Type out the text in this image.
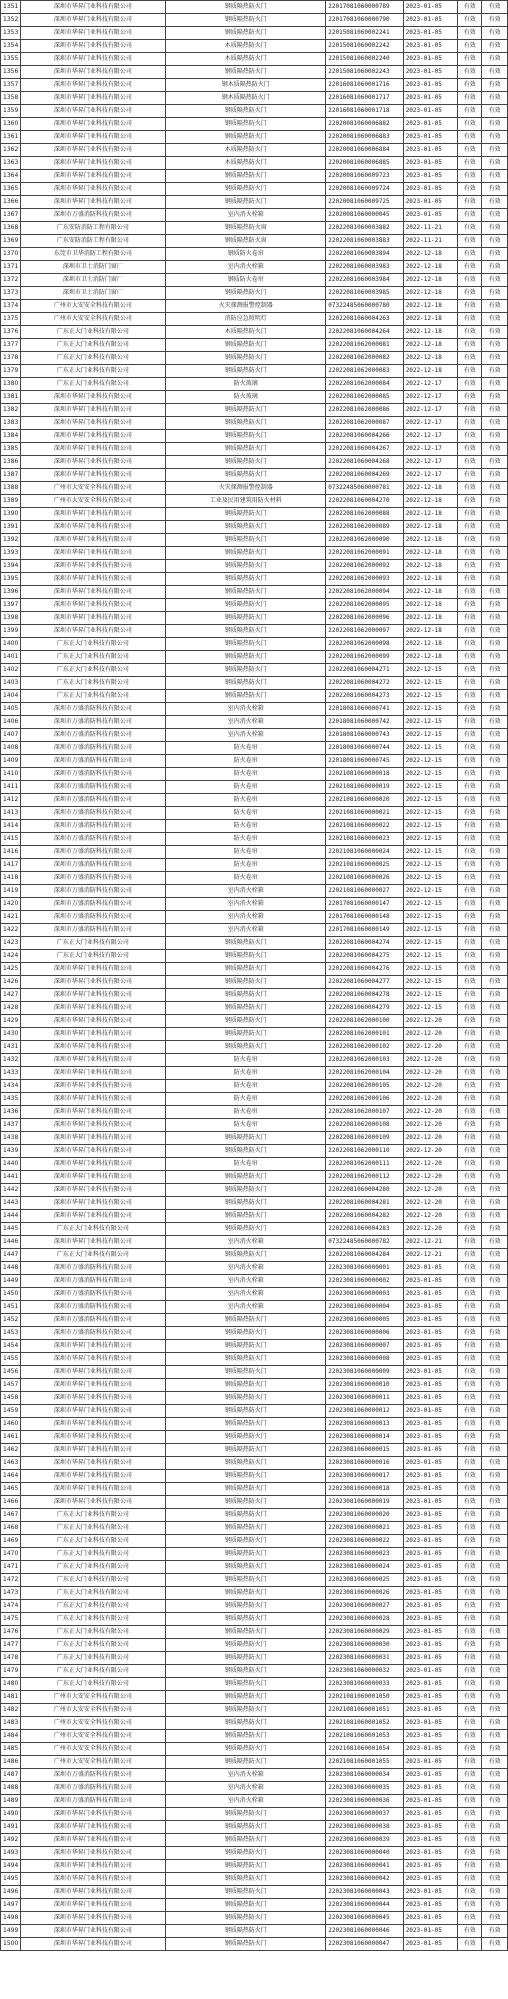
1351	深圳市华昇门业科技有限公司	钢质隔热防火门	22017081060000789	2023-01-05	有效	有效
1352	深圳市华昇门业科技有限公司	钢质隔热防火门	22017081060000790	2023-01-05	有效	有效
1353	深圳市华昇门业科技有限公司	钢质隔热防火门	22015081060002241	2023-01-05	有效	有效
1354	深圳市华昇门业科技有限公司	木质隔热防火门	22015081060002242	2023-01-05	有效	有效
1355	深圳市华昇门业科技有限公司	木质隔热防火门	22015081060002240	2023-01-05	有效	有效
1356	深圳市华昇门业科技有限公司	钢质隔热防火门	22015081060002243	2023-01-05	有效	有效
1357	深圳市华昇门业科技有限公司	钢木质隔热防火门	22016081060001716	2023-01-05	有效	有效
1358	深圳市华昇门业科技有限公司	钢木质隔热防火门	22016081060001717	2023-01-05	有效	有效
1359	深圳市华昇门业科技有限公司	钢质隔热防火门	22016081060001718	2023-01-05	有效	有效
1360	深圳市华昇门业科技有限公司	钢质隔热防火门	22020081060006882	2023-01-05	有效	有效
1361	深圳市华昇门业科技有限公司	钢质隔热防火门	22020081060006883	2023-01-05	有效	有效
1362	深圳市华昇门业科技有限公司	木质隔热防火门	22020081060006884	2023-01-05	有效	有效
1363	深圳市华昇门业科技有限公司	木质隔热防火门	22020081060006885	2023-01-05	有效	有效
1364	深圳市华昇门业科技有限公司	钢质隔热防火门	22020081060009723	2023-01-05	有效	有效
1365	深圳市华昇门业科技有限公司	钢质隔热防火门	22020081060009724	2023-01-05	有效	有效
1366	深圳市华昇门业科技有限公司	钢质隔热防火门	22020081060009725	2023-01-05	有效	有效
1367	深圳市万盛消防科技有限公司	室内消火栓箱	22020081060000045	2023-01-05	有效	有效
1368	广东安防消防工程有限公司	钢质隔热防火窗	22022081060003882	2022-11-21	有效	有效
1369	广东安防消防工程有限公司	钢质隔热防火窗	22022081060003883	2022-11-21	有效	有效
1370	东莞市卫华消防工程有限公司	钢质防火卷帘	22022081060003894	2022-12-18	有效	有效
1371	深圳市卫士消防门窗厂	室内消火栓箱	22022081060003983	2022-12-18	有效	有效
1372	深圳市卫士消防门窗厂	钢质防火卷帘	22022081060003984	2022-12-18	有效	有效
1373	深圳市卫士消防门窗厂	钢质隔热防火门	22022081060003985	2022-12-18	有效	有效
1374	广州市大安安全科技有限公司	火灾探测报警控制器	07322485060000780	2022-12-18	有效	有效
1375	广州市大安安全科技有限公司	消防应急照明灯	22022081060004263	2022-12-18	有效	有效
1376	广东正大门业科技有限公司	木质隔热防火门	22022081060004264	2022-12-18	有效	有效
1377	广东正大门业科技有限公司	钢质隔热防火门	22022081062000081	2022-12-18	有效	有效
1378	广东正大门业科技有限公司	钢质隔热防火门	22022081062000082	2022-12-18	有效	有效
1379	广东正大门业科技有限公司	钢质隔热防火门	22022081062000083	2022-12-18	有效	有效
1380	广东正大门业科技有限公司	防火玻璃	22022081062000084	2022-12-17	有效	有效
1381	深圳市华昇门业科技有限公司	防火玻璃	22022081062000085	2022-12-17	有效	有效
1382	深圳市华昇门业科技有限公司	钢质隔热防火门	22022081062000086	2022-12-17	有效	有效
1383	深圳市华昇门业科技有限公司	钢质隔热防火门	22022081062000087	2022-12-17	有效	有效
1384	深圳市华昇门业科技有限公司	钢质隔热防火门	22022081060004266	2022-12-17	有效	有效
1385	深圳市华昇门业科技有限公司	钢质隔热防火门	22022081060004267	2022-12-17	有效	有效
1386	深圳市华昇门业科技有限公司	钢质隔热防火门	22022081060004268	2022-12-17	有效	有效
1387	深圳市华昇门业科技有限公司	钢质隔热防火门	22022081060004269	2022-12-17	有效	有效
1388	广州市大安安全科技有限公司	火灾探测报警控制器	07322485060000781	2022-12-18	有效	有效
1389	广州市大安安全科技有限公司	工业及民用建筑用防火材料	22022081060004270	2022-12-18	有效	有效
1390	深圳市华昇门业科技有限公司	钢质隔热防火门	22022081062000088	2022-12-18	有效	有效
1391	深圳市华昇门业科技有限公司	钢质隔热防火门	22022081062000089	2022-12-18	有效	有效
1392	深圳市华昇门业科技有限公司	钢质隔热防火门	22022081062000090	2022-12-18	有效	有效
1393	深圳市华昇门业科技有限公司	钢质隔热防火门	22022081062000091	2022-12-18	有效	有效
1394	深圳市华昇门业科技有限公司	钢质隔热防火门	22022081062000092	2022-12-18	有效	有效
1395	深圳市华昇门业科技有限公司	钢质隔热防火门	22022081062000093	2022-12-18	有效	有效
1396	深圳市华昇门业科技有限公司	钢质隔热防火门	22022081062000094	2022-12-18	有效	有效
1397	深圳市华昇门业科技有限公司	钢质隔热防火门	22022081062000095	2022-12-18	有效	有效
1398	深圳市华昇门业科技有限公司	钢质隔热防火门	22022081062000096	2022-12-18	有效	有效
1399	深圳市华昇门业科技有限公司	钢质隔热防火门	22022081062000097	2022-12-18	有效	有效
1400	广东正大门业科技有限公司	钢质隔热防火门	22022081062000098	2022-12-18	有效	有效
1401	广东正大门业科技有限公司	钢质隔热防火门	22022081062000099	2022-12-18	有效	有效
1402	广东正大门业科技有限公司	钢质隔热防火门	22022081060004271	2022-12-15	有效	有效
1403	广东正大门业科技有限公司	钢质隔热防火门	22022081060004272	2022-12-15	有效	有效
1404	广东正大门业科技有限公司	钢质隔热防火门	22022081060004273	2022-12-15	有效	有效
1405	深圳市万盛消防科技有限公司	室内消火栓箱	22018081060000741	2022-12-15	有效	有效
1406	深圳市万盛消防科技有限公司	室内消火栓箱	22018081060000742	2022-12-15	有效	有效
1407	深圳市万盛消防科技有限公司	室内消火栓箱	22018081060000743	2022-12-15	有效	有效
1408	深圳市万盛消防科技有限公司	防火卷帘	22018081060000744	2022-12-15	有效	有效
1409	深圳市万盛消防科技有限公司	防火卷帘	22018081060000745	2022-12-15	有效	有效
1410	深圳市万盛消防科技有限公司	防火卷帘	22021081060000018	2022-12-15	有效	有效
1411	深圳市万盛消防科技有限公司	防火卷帘	22021081060000019	2022-12-15	有效	有效
1412	深圳市万盛消防科技有限公司	防火卷帘	22021081060000020	2022-12-15	有效	有效
1413	深圳市万盛消防科技有限公司	防火卷帘	22021081060000021	2022-12-15	有效	有效
1414	深圳市万盛消防科技有限公司	防火卷帘	22021081060000022	2022-12-15	有效	有效
1415	深圳市万盛消防科技有限公司	防火卷帘	22021081060000023	2022-12-15	有效	有效
1416	深圳市万盛消防科技有限公司	防火卷帘	22021081060000024	2022-12-15	有效	有效
1417	深圳市万盛消防科技有限公司	防火卷帘	22021081060000025	2022-12-15	有效	有效
1418	深圳市万盛消防科技有限公司	防火卷帘	22021081060000026	2022-12-15	有效	有效
1419	深圳市万盛消防科技有限公司	室内消火栓箱	22021081060000027	2022-12-15	有效	有效
1420	深圳市万盛消防科技有限公司	室内消火栓箱	22017081060000147	2022-12-15	有效	有效
1421	深圳市万盛消防科技有限公司	室内消火栓箱	22017081060000148	2022-12-15	有效	有效
1422	深圳市万盛消防科技有限公司	室内消火栓箱	22017081060000149	2022-12-15	有效	有效
1423	广东正大门业科技有限公司	钢质隔热防火门	22022081060004274	2022-12-15	有效	有效
1424	广东正大门业科技有限公司	钢质隔热防火门	22022081060004275	2022-12-15	有效	有效
1425	深圳市华昇门业科技有限公司	钢质隔热防火门	22022081060004276	2022-12-15	有效	有效
1426	深圳市华昇门业科技有限公司	钢质隔热防火门	22022081060004277	2022-12-15	有效	有效
1427	深圳市华昇门业科技有限公司	钢质隔热防火门	22022081060004278	2022-12-15	有效	有效
1428	深圳市华昇门业科技有限公司	钢质隔热防火门	22022081060004279	2022-12-15	有效	有效
1429	深圳市华昇门业科技有限公司	钢质隔热防火门	22022081062000100	2022-12-20	有效	有效
1430	深圳市华昇门业科技有限公司	钢质隔热防火门	22022081062000101	2022-12-20	有效	有效
1431	深圳市华昇门业科技有限公司	钢质隔热防火门	22022081062000102	2022-12-20	有效	有效
1432	深圳市华昇门业科技有限公司	防火卷帘	22022081062000103	2022-12-20	有效	有效
1433	深圳市华昇门业科技有限公司	防火卷帘	22022081062000104	2022-12-20	有效	有效
1434	深圳市华昇门业科技有限公司	防火卷帘	22022081062000105	2022-12-20	有效	有效
1435	深圳市华昇门业科技有限公司	防火卷帘	22022081062000106	2022-12-20	有效	有效
1436	深圳市华昇门业科技有限公司	防火卷帘	22022081062000107	2022-12-20	有效	有效
1437	深圳市华昇门业科技有限公司	防火卷帘	22022081062000108	2022-12-20	有效	有效
1438	深圳市华昇门业科技有限公司	钢质隔热防火门	22022081062000109	2022-12-20	有效	有效
1439	深圳市华昇门业科技有限公司	钢质隔热防火门	22022081062000110	2022-12-20	有效	有效
1440	深圳市华昇门业科技有限公司	防火卷帘	22022081062000111	2022-12-20	有效	有效
1441	深圳市华昇门业科技有限公司	钢质隔热防火门	22022081062000112	2022-12-20	有效	有效
1442	深圳市华昇门业科技有限公司	钢质隔热防火门	22022081060004280	2022-12-20	有效	有效
1443	深圳市华昇门业科技有限公司	钢质隔热防火门	22022081060004281	2022-12-20	有效	有效
1444	深圳市华昇门业科技有限公司	钢质隔热防火门	22022081060004282	2022-12-20	有效	有效
1445	广东正大门业科技有限公司	钢质隔热防火门	22022081060004283	2022-12-20	有效	有效
1446	深圳市华昇门业科技有限公司	室内消火栓箱	07322485060000782	2022-12-21	有效	有效
1447	广东正大门业科技有限公司	钢质隔热防火门	22022081060004284	2022-12-21	有效	有效
1448	深圳市万盛消防科技有限公司	室内消火栓箱	22023081060000001	2023-01-05	有效	有效
1449	深圳市万盛消防科技有限公司	室内消火栓箱	22023081060000002	2023-01-05	有效	有效
1450	深圳市万盛消防科技有限公司	室内消火栓箱	22023081060000003	2023-01-05	有效	有效
1451	深圳市万盛消防科技有限公司	室内消火栓箱	22023081060000004	2023-01-05	有效	有效
1452	深圳市万盛消防科技有限公司	钢质隔热防火门	22023081060000005	2023-01-05	有效	有效
1453	深圳市万盛消防科技有限公司	钢质隔热防火门	22023081060000006	2023-01-05	有效	有效
1454	深圳市华昇门业科技有限公司	钢质隔热防火门	22023081060000007	2023-01-05	有效	有效
1455	深圳市华昇门业科技有限公司	钢质隔热防火门	22023081060000008	2023-01-05	有效	有效
1456	深圳市华昇门业科技有限公司	钢质隔热防火门	22023081060000009	2023-01-05	有效	有效
1457	深圳市华昇门业科技有限公司	钢质隔热防火门	22023081060000010	2023-01-05	有效	有效
1458	深圳市华昇门业科技有限公司	钢质隔热防火门	22023081060000011	2023-01-05	有效	有效
1459	深圳市华昇门业科技有限公司	钢质隔热防火门	22023081060000012	2023-01-05	有效	有效
1460	深圳市华昇门业科技有限公司	钢质隔热防火门	22023081060000013	2023-01-05	有效	有效
1461	深圳市华昇门业科技有限公司	钢质隔热防火门	22023081060000014	2023-01-05	有效	有效
1462	深圳市华昇门业科技有限公司	钢质隔热防火门	22023081060000015	2023-01-05	有效	有效
1463	深圳市华昇门业科技有限公司	钢质隔热防火门	22023081060000016	2023-01-05	有效	有效
1464	深圳市华昇门业科技有限公司	钢质隔热防火门	22023081060000017	2023-01-05	有效	有效
1465	深圳市华昇门业科技有限公司	钢质隔热防火门	22023081060000018	2023-01-05	有效	有效
1466	深圳市华昇门业科技有限公司	钢质隔热防火门	22023081060000019	2023-01-05	有效	有效
1467	广东正大门业科技有限公司	钢质隔热防火门	22023081060000020	2023-01-05	有效	有效
1468	广东正大门业科技有限公司	钢质隔热防火门	22023081060000021	2023-01-05	有效	有效
1469	广东正大门业科技有限公司	钢质隔热防火门	22023081060000022	2023-01-05	有效	有效
1470	广东正大门业科技有限公司	钢质隔热防火门	22023081060000023	2023-01-05	有效	有效
1471	广东正大门业科技有限公司	钢质隔热防火门	22023081060000024	2023-01-05	有效	有效
1472	广东正大门业科技有限公司	钢质隔热防火门	22023081060000025	2023-01-05	有效	有效
1473	广东正大门业科技有限公司	钢质隔热防火门	22023081060000026	2023-01-05	有效	有效
1474	广东正大门业科技有限公司	钢质隔热防火门	22023081060000027	2023-01-05	有效	有效
1475	广东正大门业科技有限公司	钢质隔热防火门	22023081060000028	2023-01-05	有效	有效
1476	广东正大门业科技有限公司	钢质隔热防火门	22023081060000029	2023-01-05	有效	有效
1477	广东正大门业科技有限公司	钢质隔热防火门	22023081060000030	2023-01-05	有效	有效
1478	广东正大门业科技有限公司	钢质隔热防火门	22023081060000031	2023-01-05	有效	有效
1479	广东正大门业科技有限公司	钢质隔热防火门	22023081060000032	2023-01-05	有效	有效
1480	广东正大门业科技有限公司	钢质隔热防火门	22023081060000033	2023-01-05	有效	有效
1481	广州市大安安全科技有限公司	钢质隔热防火门	22021081060001050	2023-01-05	有效	有效
1482	广州市大安安全科技有限公司	钢质隔热防火门	22021081060001051	2023-01-05	有效	有效
1483	广州市大安安全科技有限公司	钢质隔热防火门	22021081060001052	2023-01-05	有效	有效
1484	广州市大安安全科技有限公司	钢质隔热防火门	22021081060001053	2023-01-05	有效	有效
1485	广州市大安安全科技有限公司	钢质隔热防火门	22021081060001054	2023-01-05	有效	有效
1486	广州市大安安全科技有限公司	钢质隔热防火门	22021081060001055	2023-01-05	有效	有效
1487	深圳市万盛消防科技有限公司	室内消火栓箱	22023081060000034	2023-01-05	有效	有效
1488	深圳市万盛消防科技有限公司	室内消火栓箱	22023081060000035	2023-01-05	有效	有效
1489	深圳市万盛消防科技有限公司	室内消火栓箱	22023081060000036	2023-01-05	有效	有效
1490	深圳市华昇门业科技有限公司	钢质隔热防火门	22023081060000037	2023-01-05	有效	有效
1491	深圳市华昇门业科技有限公司	钢质隔热防火门	22023081060000038	2023-01-05	有效	有效
1492	深圳市华昇门业科技有限公司	钢质隔热防火门	22023081060000039	2023-01-05	有效	有效
1493	深圳市华昇门业科技有限公司	钢质隔热防火门	22023081060000040	2023-01-05	有效	有效
1494	深圳市华昇门业科技有限公司	钢质隔热防火门	22023081060000041	2023-01-05	有效	有效
1495	深圳市华昇门业科技有限公司	钢质隔热防火门	22023081060000042	2023-01-05	有效	有效
1496	深圳市华昇门业科技有限公司	钢质隔热防火门	22023081060000043	2023-01-05	有效	有效
1497	深圳市华昇门业科技有限公司	钢质隔热防火门	22023081060000044	2023-01-05	有效	有效
1498	深圳市华昇门业科技有限公司	钢质隔热防火门	22023081060000045	2023-01-05	有效	有效
1499	深圳市华昇门业科技有限公司	钢质隔热防火门	22023081060000046	2023-01-05	有效	有效
1500	深圳市华昇门业科技有限公司	钢质隔热防火门	22023081060000047	2023-01-05	有效	有效
